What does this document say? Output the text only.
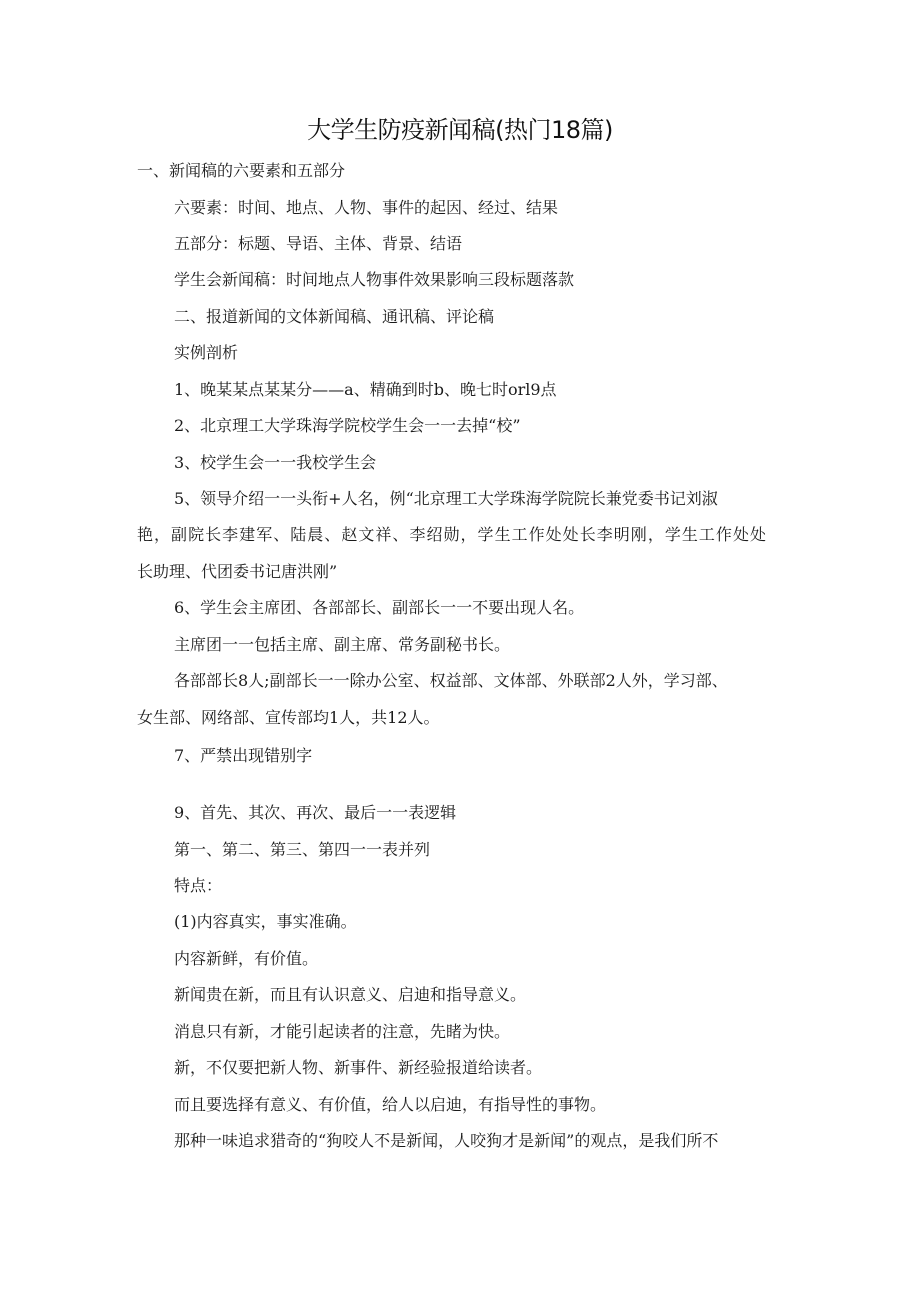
大学生防疫新闻稿(热门18篇)
一、新闻稿的六要素和五部分
六要素：时间、地点、人物、事件的起因、经过、结果
五部分：标题、导语、主体、背景、结语
学生会新闻稿：时间地点人物事件效果影响三段标题落款
二、报道新闻的文体新闻稿、通讯稿、评论稿
实例剖析
1、晚某某点某某分——a、精确到时b、晚七时orl9点
2、北京理工大学珠海学院校学生会一一去掉“校”
3、校学生会一一我校学生会
5、领导介绍一一头衔+人名，例“北京理工大学珠海学院院长兼党委书记刘淑
艳，副院长李建军、陆晨、赵文祥、李绍勋，学生工作处处长李明刚，学生工作处处
长助理、代团委书记唐洪刚”
6、学生会主席团、各部部长、副部长一一不要出现人名。
主席团一一包括主席、副主席、常务副秘书长。
各部部长8人;副部长一一除办公室、权益部、文体部、外联部2人外，学习部、
女生部、网络部、宣传部均1人，共12人。
7、严禁出现错别字
9、首先、其次、再次、最后一一表逻辑
第一、第二、第三、第四一一表并列
特点：
(1)内容真实，事实准确。
内容新鲜，有价值。
新闻贵在新，而且有认识意义、启迪和指导意义。
消息只有新，才能引起读者的注意，先睹为快。
新，不仅要把新人物、新事件、新经验报道给读者。
而且要选择有意义、有价值，给人以启迪，有指导性的事物。
那种一味追求猎奇的“狗咬人不是新闻，人咬狗才是新闻”的观点，是我们所不
